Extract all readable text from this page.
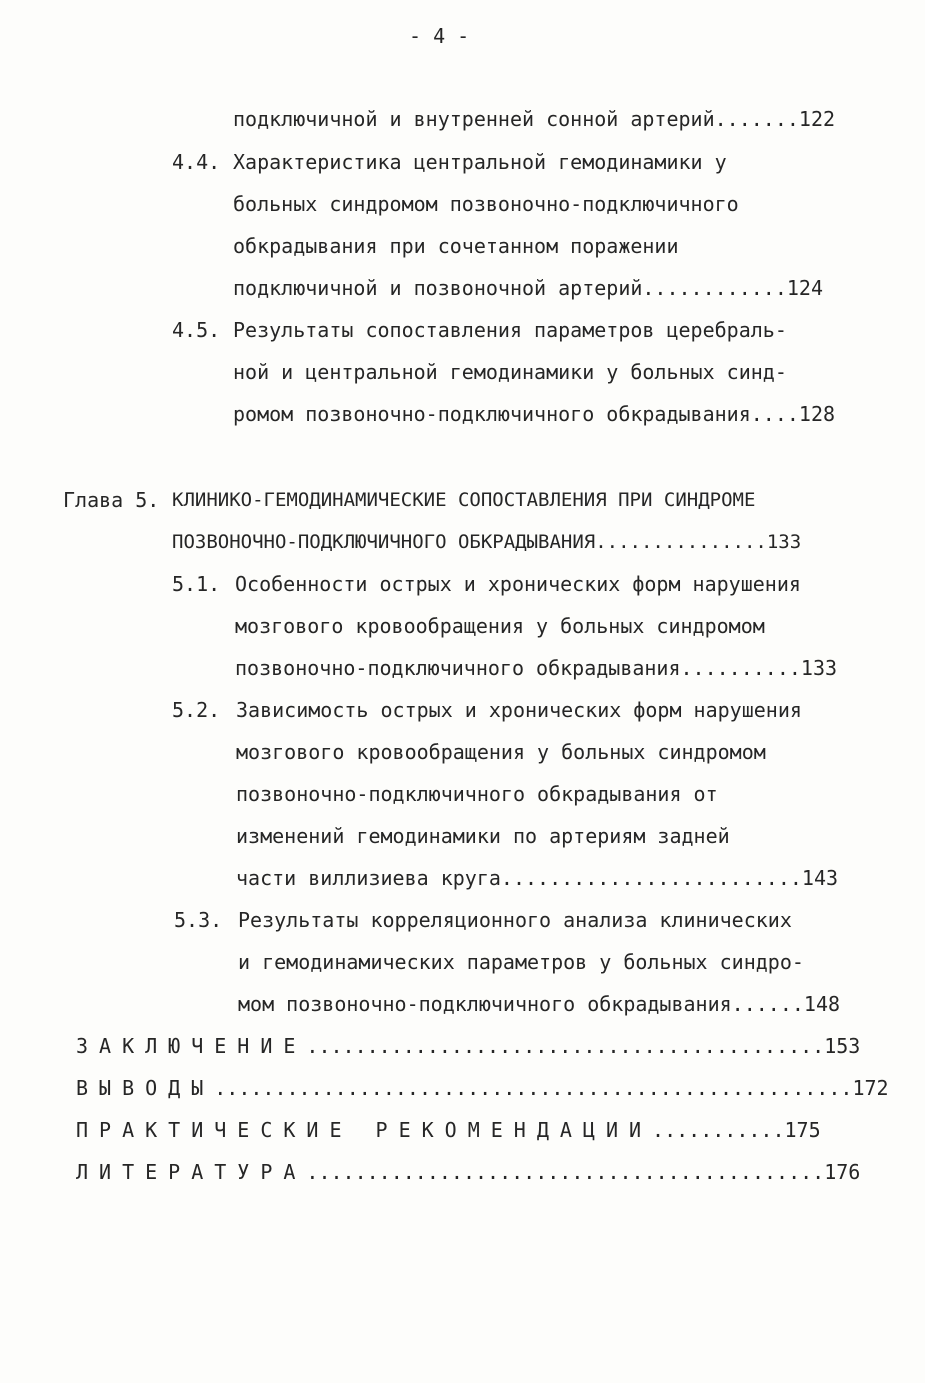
- 4 -
подключичной и внутренней сонной артерий.......122
4.4. Характеристика центральной гемодинамики у
больных синдромом позвоночно-подключичного
обкрадывания при сочетанном поражении
подключичной и позвоночной артерий............124
4.5. Результаты сопоставления параметров церебраль-
ной и центральной гемодинамики у больных синд-
ромом позвоночно-подключичного обкрадывания....128
Глава 5. КЛИНИКО-ГЕМОДИНАМИЧЕСКИЕ СОПОСТАВЛЕНИЯ ПРИ СИНДРОМЕ
ПОЗВОНОЧНО-ПОДКЛЮЧИЧНОГО ОБКРАДЫВАНИЯ...............133
5.1. Особенности острых и хронических форм нарушения
мозгового кровообращения у больных синдромом
позвоночно-подключичного обкрадывания..........133
5.2. Зависимость острых и хронических форм нарушения
мозгового кровообращения у больных синдромом
позвоночно-подключичного обкрадывания от
изменений гемодинамики по артериям задней
части виллизиева круга.........................143
5.3. Результаты корреляционного анализа клинических
и гемодинамических параметров у больных синдро-
мом позвоночно-подключичного обкрадывания......148
ЗАКЛЮЧЕНИЕ...........................................153
ВЫВОДЫ.....................................................172
ПРАКТИЧЕСКИЕ РЕКОМЕНДАЦИИ...........175
ЛИТЕРАТУРА...........................................176
